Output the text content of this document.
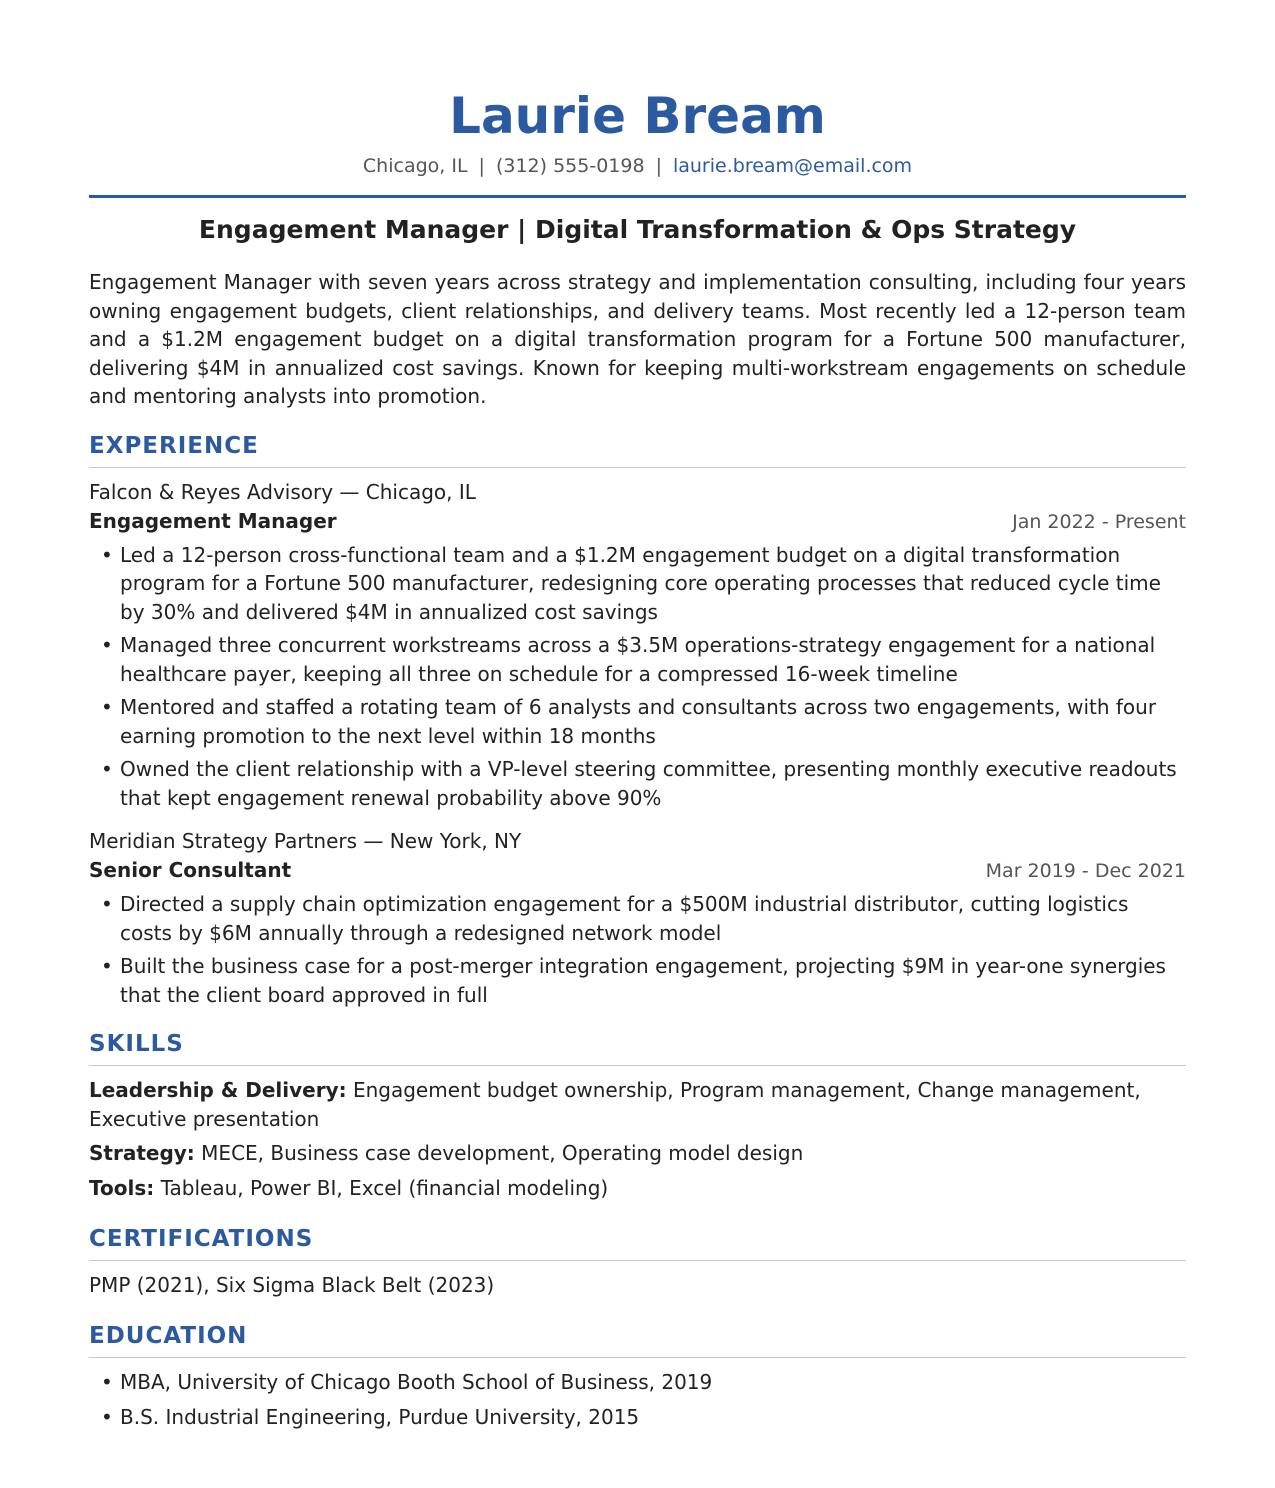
Laurie Bream
Chicago, IL | (312) 555-0198 | laurie.bream@email.com
Engagement Manager | Digital Transformation & Ops Strategy
Engagement Manager with seven years across strategy and implementation consulting, including four years owning engagement budgets, client relationships, and delivery teams. Most recently led a 12-person team and a $1.2M engagement budget on a digital transformation program for a Fortune 500 manufacturer, delivering $4M in annualized cost savings. Known for keeping multi-workstream engagements on schedule and mentoring analysts into promotion.
EXPERIENCE
Falcon & Reyes Advisory — Chicago, IL
Engagement Manager	Jan 2022 - Present
• Led a 12-person cross-functional team and a $1.2M engagement budget on a digital transformation program for a Fortune 500 manufacturer, redesigning core operating processes that reduced cycle time by 30% and delivered $4M in annualized cost savings
• Managed three concurrent workstreams across a $3.5M operations-strategy engagement for a national healthcare payer, keeping all three on schedule for a compressed 16-week timeline
• Mentored and staffed a rotating team of 6 analysts and consultants across two engagements, with four earning promotion to the next level within 18 months
• Owned the client relationship with a VP-level steering committee, presenting monthly executive readouts that kept engagement renewal probability above 90%
Meridian Strategy Partners — New York, NY
Senior Consultant	Mar 2019 - Dec 2021
• Directed a supply chain optimization engagement for a $500M industrial distributor, cutting logistics costs by $6M annually through a redesigned network model
• Built the business case for a post-merger integration engagement, projecting $9M in year-one synergies that the client board approved in full
SKILLS
Leadership & Delivery: Engagement budget ownership, Program management, Change management, Executive presentation
Strategy: MECE, Business case development, Operating model design
Tools: Tableau, Power BI, Excel (financial modeling)
CERTIFICATIONS
PMP (2021), Six Sigma Black Belt (2023)
EDUCATION
• MBA, University of Chicago Booth School of Business, 2019
• B.S. Industrial Engineering, Purdue University, 2015
